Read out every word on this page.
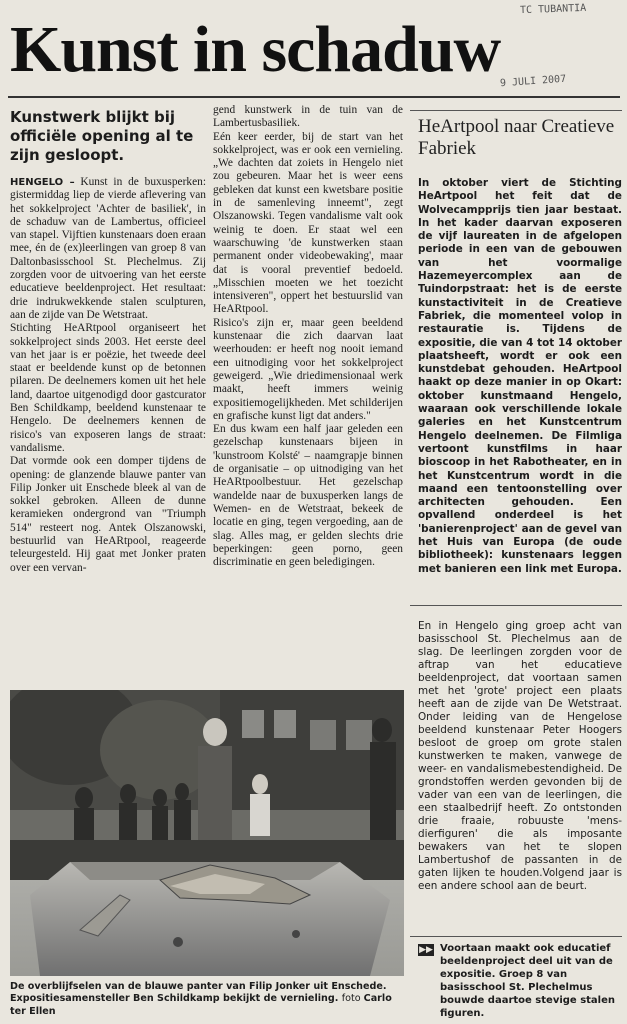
TC TUBANTIA
Kunst in schaduw 9 JULI 2007
Kunstwerk blijkt bij officiële opening al te zijn gesloopt.

HENGELO – Kunst in de buxusperken: gistermiddag liep de vierde aflevering van het sokkelproject 'Achter de basiliek', in de schaduw van de Lambertus, officieel van stapel. Vijftien kunstenaars doen eraan mee, én de (ex)leerlingen van groep 8 van Daltonbasisschool St. Plechelmus. Zij zorgden voor de uitvoering van het eerste educatieve beeldenproject. Het resultaat: drie indrukwekkende stalen sculpturen, aan de zijde van De Wetstraat.

Stichting HeARtpool organiseert het sokkelproject sinds 2003. Het eerste deel van het jaar is er poëzie, het tweede deel staat er beeldende kunst op de betonnen pilaren. De deelnemers komen uit het hele land, daartoe uitgenodigd door gastcurator Ben Schildkamp, beeldend kunstenaar te Hengelo. De deelnemers kennen de risico's van exposeren langs de straat: vandalisme.

Dat vormde ook een domper tijdens de opening: de glanzende blauwe panter van Filip Jonker uit Enschede bleek al van de sokkel gebroken. Alleen de dunne keramieken ondergrond van "Triumph 514" resteert nog. Antek Olszanowski, bestuurlid van HeARtpool, reageerde teleurgesteld. Hij gaat met Jonker praten over een vervan-

gend kunstwerk in de tuin van de Lambertusbasiliek.

Eén keer eerder, bij de start van het sokkelproject, was er ook een vernieling. „We dachten dat zoiets in Hengelo niet zou gebeuren. Maar het is weer eens gebleken dat kunst een kwetsbare positie in de samenleving inneemt", zegt Olszanowski. Tegen vandalisme valt ook weinig te doen. Er staat wel een waarschuwing 'de kunstwerken staan permanent onder videobewaking', maar dat is vooral preventief bedoeld. „Misschien moeten we het toezicht intensiveren", oppert het bestuurslid van HeARtpool.

Risico's zijn er, maar geen beeldend kunstenaar die zich daarvan laat weerhouden: er heeft nog nooit iemand een uitnodiging voor het sokkelproject geweigerd. „Wie driedimensionaal werk maakt, heeft immers weinig expositiemogelijkheden. Met schilderijen en grafische kunst ligt dat anders."

En dus kwam een half jaar geleden een gezelschap kunstenaars bijeen in 'kunstroom Kolsté' – naamgrapje binnen de organisatie – op uitnodiging van het HeARtpoolbestuur. Het gezelschap wandelde naar de buxusperken langs de Wemen- en de Wetstraat, bekeek de locatie en ging, tegen vergoeding, aan de slag. Alles mag, er gelden slechts drie beperkingen: geen porno, geen discriminatie en geen beledigingen.

HeArtpool naar Creatieve Fabriek

In oktober viert de Stichting HeArtpool het feit dat de Wolvecampprijs tien jaar bestaat. In het kader daarvan exposeren de vijf laureaten in de afgelopen periode in een van de gebouwen van het voormalige Hazemeyercomplex aan de Tuindorpstraat: het is de eerste kunstactiviteit in de Creatieve Fabriek, die momenteel volop in restauratie is. Tijdens de expositie, die van 4 tot 14 oktober plaatsheeft, wordt er ook een kunstdebat gehouden. HeArtpool haakt op deze manier in op Okart: oktober kunstmaand Hengelo, waaraan ook verschillende lokale galeries en het Kunstcentrum Hengelo deelnemen. De Filmliga vertoont kunstfilms in haar bioscoop in het Rabotheater, en in het Kunstcentrum wordt in die maand een tentoonstelling over architecten gehouden. Een opvallend onderdeel is het 'banierenproject' aan de gevel van het Huis van Europa (de oude bibliotheek): kunstenaars leggen met banieren een link met Europa.

En in Hengelo ging groep acht van basisschool St. Plechelmus aan de slag. De leerlingen zorgden voor de aftrap van het educatieve beeldenproject, dat voortaan samen met het 'grote' project een plaats heeft aan de zijde van De Wetstraat. Onder leiding van de Hengelose beeldend kunstenaar Peter Hoogers besloot de groep om grote stalen kunstwerken te maken, vanwege de weer- en vandalismebestendigheid. De grondstoffen werden gevonden bij de vader van een van de leerlingen, die een staalbedrijf heeft. Zo ontstonden drie fraaie, robuuste 'mens-dierfiguren' die als imposante bewakers van het te slopen Lambertushof de passanten in de gaten lijken te houden.Volgend jaar is een andere school aan de beurt.

▶▶ Voortaan maakt ook educatief beeldenproject deel uit van de expositie. Groep 8 van basisschool St. Plechelmus bouwde daartoe stevige stalen figuren.
De overblijfselen van de blauwe panter van Filip Jonker uit Enschede. Expositiesamensteller Ben Schildkamp bekijkt de vernieling. foto Carlo ter Ellen
